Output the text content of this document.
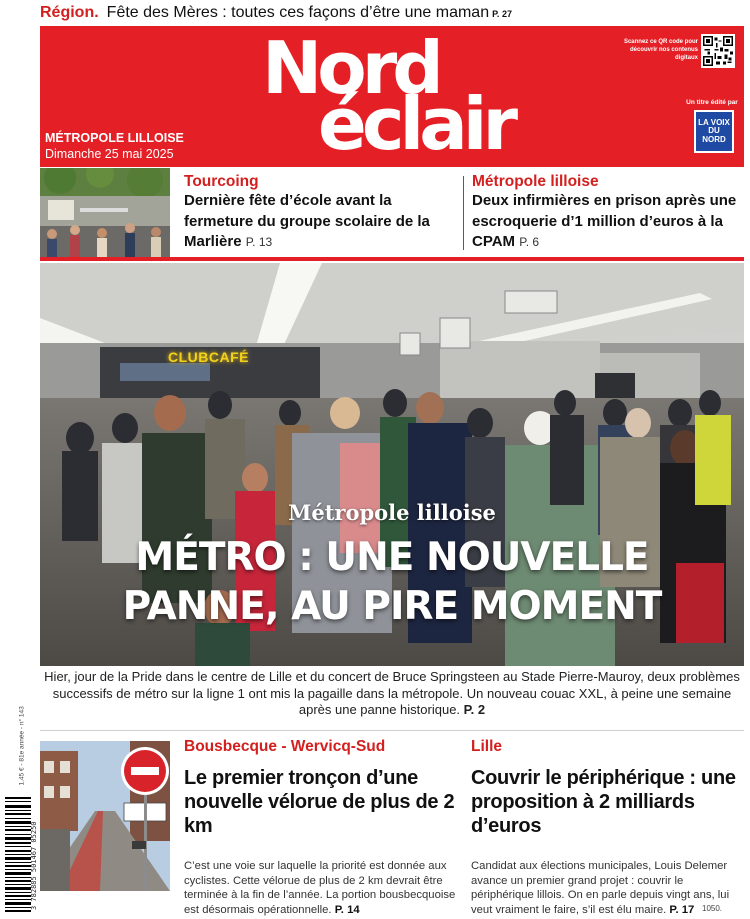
Région. Fête des Mères : toutes ces façons d’être une maman P. 27
Nord
éclair
MÉTROPOLE LILLOISE
Dimanche 25 mai 2025
Scannez ce QR code pour découvrir nos contenus digitaux
Un titre édité par
LA VOIX DU NORD
Tourcoing
Dernière fête d’école avant la fermeture du groupe scolaire de la Marlière P. 13
Métropole lilloise
Deux infirmières en prison après une escroquerie d’1 million d’euros à la CPAM P. 6
CLUBCAFÉ
Métropole lilloise
MÉTRO : UNE NOUVELLE
PANNE, AU PIRE MOMENT
Hier, jour de la Pride dans le centre de Lille et du concert de Bruce Springsteen au Stade Pierre-Mauroy, deux problèmes successifs de métro sur la ligne 1 ont mis la pagaille dans la métropole. Un nouveau couac XXL, à peine une semaine après une panne historique. P. 2
Bousbecque - Wervicq-Sud
Le premier tronçon d’une nouvelle vélorue de plus de 2 km
C’est une voie sur laquelle la priorité est donnée aux cyclistes. Cette vélorue de plus de 2 km devrait être terminée à la fin de l’année. La portion bousbecquoise est désormais opérationnelle. P. 14
Lille
Couvrir le périphérique : une proposition à 2 milliards d’euros
Candidat aux élections municipales, Louis Delemer avance un premier grand projet : couvrir le périphérique lillois. On en parle depuis vingt ans, lui veut vraiment le faire, s’il est élu maire. P. 17
1,45 € - 81e année - n° 143
3 782885 501467 05250	1050.
